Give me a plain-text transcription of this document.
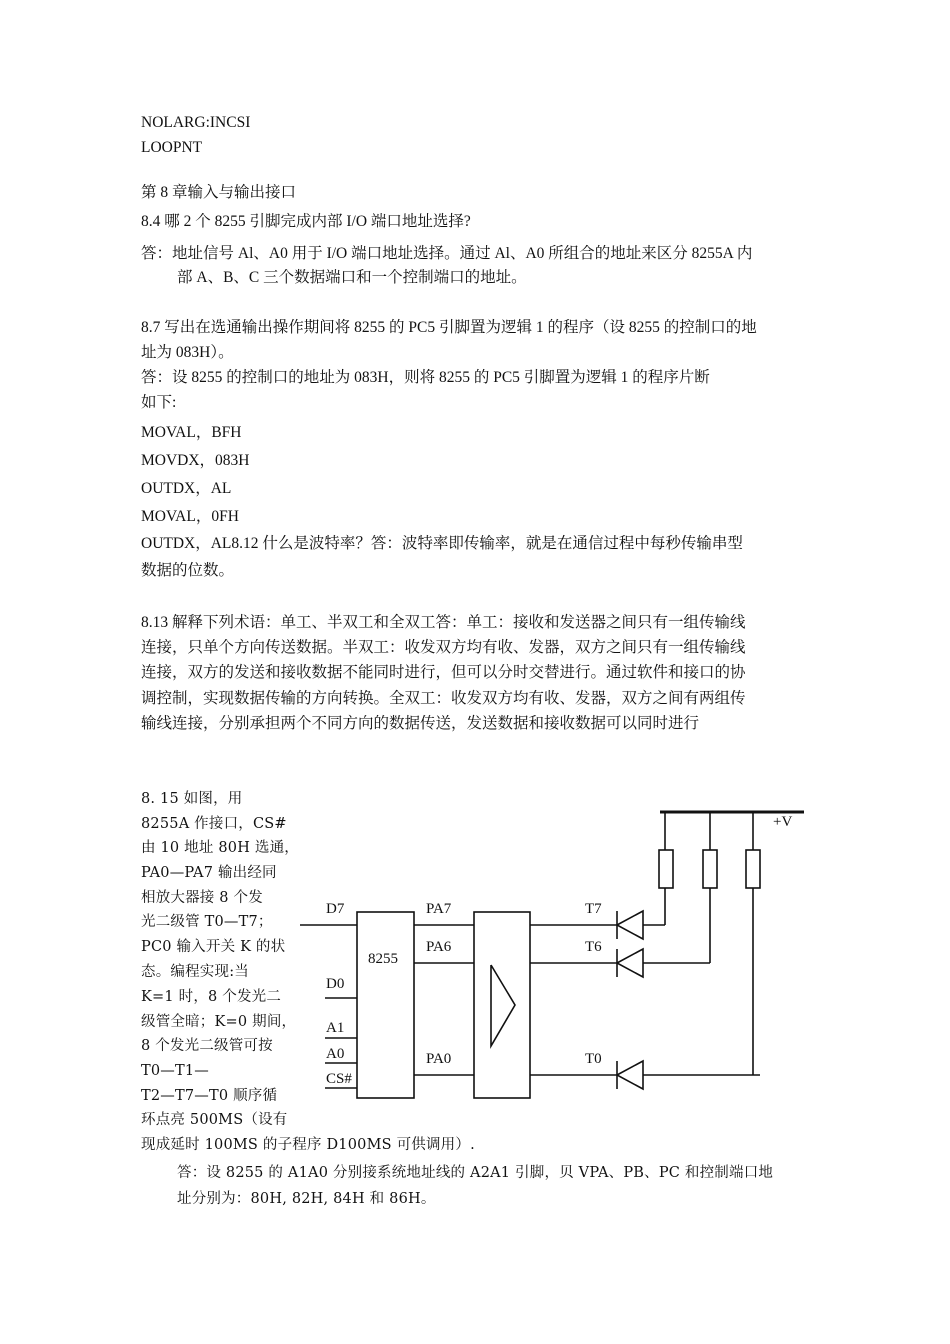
NOLARG:INCSI
LOOPNT
第 8 章输入与输出接口
8.4 哪 2 个 8255 引脚完成内部 I/O 端口地址选择?
答：地址信号 Al、A0 用于 I/O 端口地址选择。通过 Al、A0 所组合的地址来区分 8255A 内
部 A、B、C 三个数据端口和一个控制端口的地址。
8.7 写出在选通输出操作期间将 8255 的 PC5 引脚置为逻辑 1 的程序（设 8255 的控制口的地
址为 083H）。
答：设 8255 的控制口的地址为 083H，则将 8255 的 PC5 引脚置为逻辑 1 的程序片断
如下:
MOVAL，BFH
MOVDX，083H
OUTDX，AL
MOVAL，0FH
OUTDX，AL8.12 什么是波特率？答：波特率即传输率，就是在通信过程中每秒传输串型
数据的位数。
8.13 解释下列术语：单工、半双工和全双工答：单工：接收和发送器之间只有一组传输线
连接，只单个方向传送数据。半双工：收发双方均有收、发器，双方之间只有一组传输线
连接，双方的发送和接收数据不能同时进行，但可以分时交替进行。通过软件和接口的协
调控制，实现数据传输的方向转换。全双工：收发双方均有收、发器，双方之间有两组传
输线连接，分别承担两个不同方向的数据传送，发送数据和接收数据可以同时进行
8. 15 如图，用
8255A 作接口，CS#
由 10 地址 80H 选通，
PA0—PA7 输出经同
相放大器接 8 个发
光二级管 T0—T7；
PC0 输入开关 K 的状
态。编程实现:当
K=1 时，8 个发光二
级管全暗；K=0 期间，
8 个发光二级管可按
T0—T1—
T2—T7—T0 顺序循
环点亮 500MS（设有
现成延时 100MS 的子程序 D100MS 可供调用）.
答：设 8255 的 A1A0 分别接系统地址线的 A2A1 引脚，贝 VPA、PB、PC 和控制端口地
址分别为：80H, 82H, 84H 和 86H。
D7
D0
A1
A0
CS#
8255
PA7
PA6
PA0
T7
T6
T0
+V
